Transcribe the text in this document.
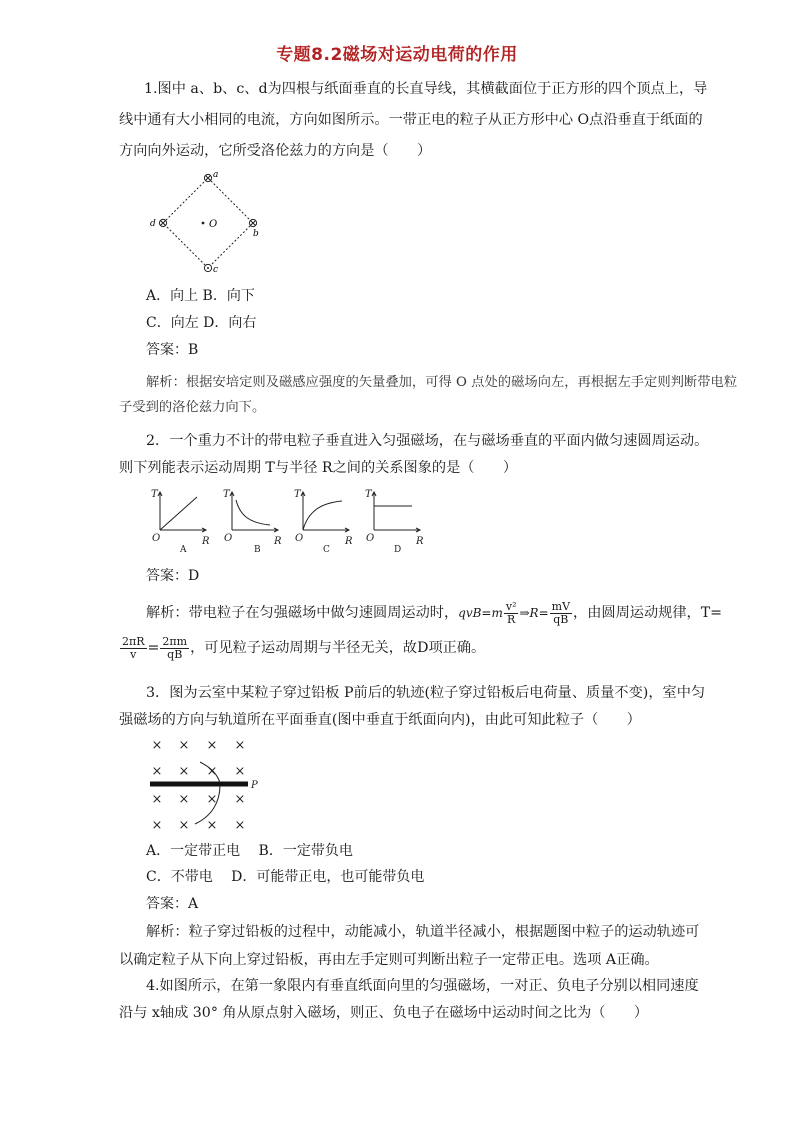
专题8.2磁场对运动电荷的作用
1.图中 a、b、c、d为四根与纸面垂直的长直导线，其横截面位于正方形的四个顶点上，导
线中通有大小相同的电流，方向如图所示。一带正电的粒子从正方形中心 O点沿垂直于纸面的
方向向外运动，它所受洛伦兹力的方向是（　　）
O
a
b
c
d
A．向上 B．向下
C．向左 D．向右
答案：B
解析：根据安培定则及磁感应强度的矢量叠加，可得 O 点处的磁场向左，再根据左手定则判断带电粒
子受到的洛伦兹力向下。
2．一个重力不计的带电粒子垂直进入匀强磁场，在与磁场垂直的平面内做匀速圆周运动。
则下列能表示运动周期 T与半径 R之间的关系图象的是（　　）
T
R
O
T
R
O
T
R
O
T
R
O
A	B	C	D
答案：D
解析：带电粒子在匀强磁场中做匀速圆周运动时，$qvB=m \frac{\text{v²}}{R}$ ⇒R= $\frac{mV}{qB}$ ，由圆周运动规律，T=
$\frac{2\pi R}{v} = \frac{2\pi m}{qB}$ ，可见粒子运动周期与半径无关，故D项正确。
3．图为云室中某粒子穿过铅板 P前后的轨迹(粒子穿过铅板后电荷量、质量不变)，室中匀
强磁场的方向与轨道所在平面垂直(图中垂直于纸面向内)，由此可知此粒子（　　）
× × × ×
× × × ×
× × × ×
× × × ×
P
A．一定带正电　 B．一定带负电
C．不带电　 D．可能带正电，也可能带负电
答案：A
解析：粒子穿过铅板的过程中，动能减小，轨道半径减小，根据题图中粒子的运动轨迹可
以确定粒子从下向上穿过铅板，再由左手定则可判断出粒子一定带正电。选项 A正确。
4.如图所示，在第一象限内有垂直纸面向里的匀强磁场，一对正、负电子分别以相同速度
沿与 x轴成 30° 角从原点射入磁场，则正、负电子在磁场中运动时间之比为（　　）
